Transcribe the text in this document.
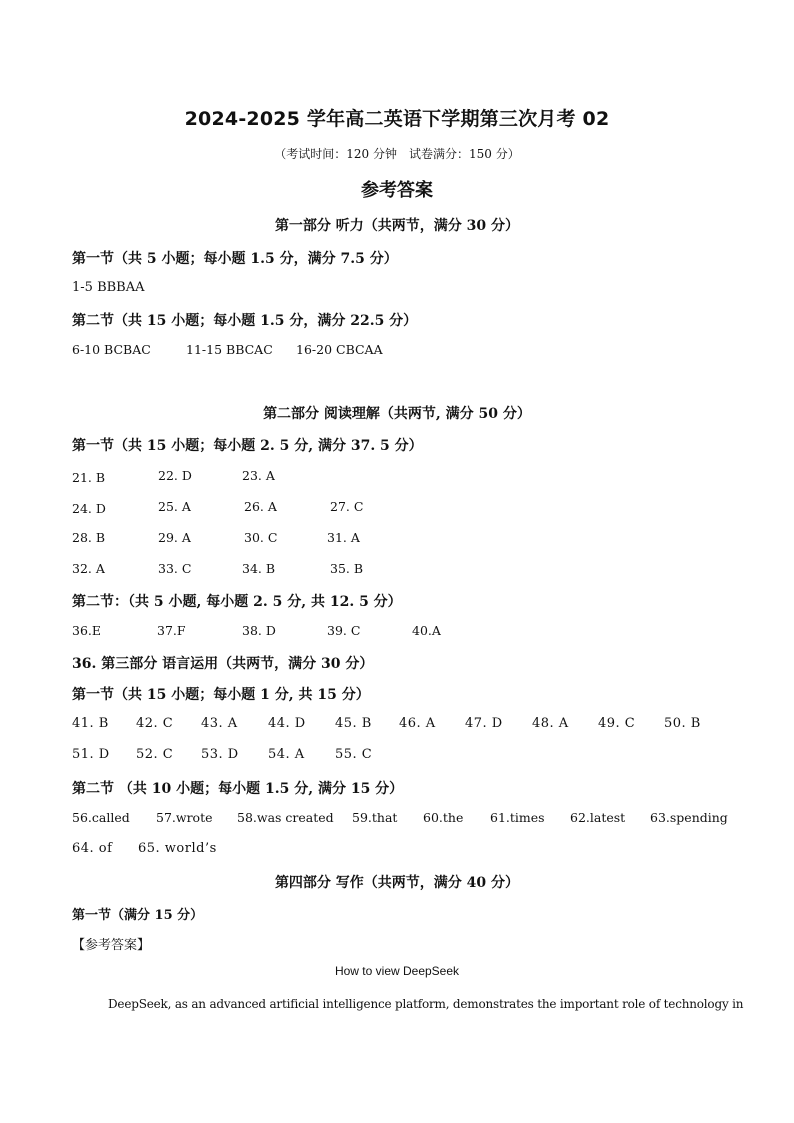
2024-2025 学年高二英语下学期第三次月考 02
（考试时间：120 分钟　试卷满分：150 分）
参考答案
第一部分 听力（共两节，满分 30 分）
第一节（共 5 小题；每小题 1.5 分，满分 7.5 分）
1-5 BBBAA
第二节（共 15 小题；每小题 1.5 分，满分 22.5 分）
6-10 BCBAC	11-15 BBCAC 16-20 CBCAA
第二部分 阅读理解（共两节, 满分 50 分）
第一节（共 15 小题；每小题 2. 5 分, 满分 37. 5 分）
21. B	22. D	23. A
24. D	25. A	26. A	27. C
28. B	29. A	30. C	31. A
32. A	33. C	34. B	35. B
第二节：（共 5 小题, 每小题 2. 5 分, 共 12. 5 分）
36.E	37.F	38. D	39. C	40.A
36. 第三部分 语言运用（共两节，满分 30 分）
第一节（共 15 小题；每小题 1 分, 共 15 分）
41. B 42. C 43. A 44. D 45. B 46. A 47. D 48. A 49. C 50. B
51. D 52. C 53. D 54. A 55. C
第二节 （共 10 小题；每小题 1.5 分, 满分 15 分）
56.called 57.wrote 58.was created 59.that 60.the 61.times 62.latest 63.spending
64. of 65. world’s
第四部分 写作（共两节，满分 40 分）
第一节（满分 15 分）
【参考答案】
How to view DeepSeek
DeepSeek, as an advanced artificial intelligence platform, demonstrates the important role of technology in
